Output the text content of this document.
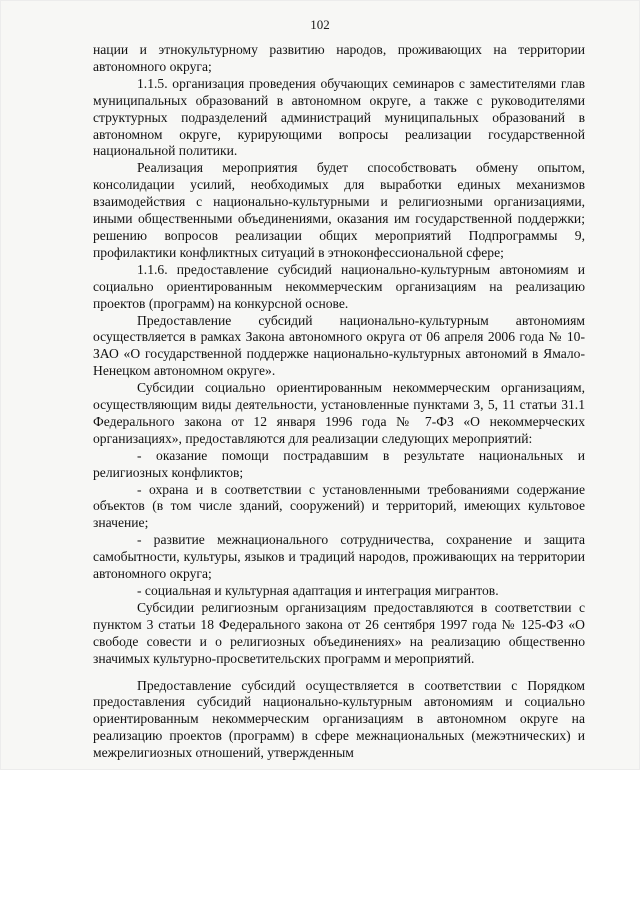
102

нации и этнокультурному развитию народов, проживающих на территории автономного округа;

1.1.5. организация проведения обучающих семинаров с заместителями глав муниципальных образований в автономном округе, а также с руководителями структурных подразделений администраций муниципальных образований в автономном округе, курирующими вопросы реализации государственной национальной политики.

Реализация мероприятия будет способствовать обмену опытом, консолидации усилий, необходимых для выработки единых механизмов взаимодействия с национально-культурными и религиозными организациями, иными общественными объединениями, оказания им государственной поддержки; решению вопросов реализации общих мероприятий Подпрограммы 9, профилактики конфликтных ситуаций в этноконфессиональной сфере;

1.1.6. предоставление субсидий национально-культурным автономиям и социально ориентированным некоммерческим организациям на реализацию проектов (программ) на конкурсной основе.

Предоставление субсидий национально-культурным автономиям осуществляется в рамках Закона автономного округа от 06 апреля 2006 года № 10-ЗАО «О государственной поддержке национально-культурных автономий в Ямало-Ненецком автономном округе».

Субсидии социально ориентированным некоммерческим организациям, осуществляющим виды деятельности, установленные пунктами 3, 5, 11 статьи 31.1 Федерального закона от 12 января 1996 года № 7-ФЗ «О некоммерческих организациях», предоставляются для реализации следующих мероприятий:

- оказание помощи пострадавшим в результате национальных и религиозных конфликтов;

- охрана и в соответствии с установленными требованиями содержание объектов (в том числе зданий, сооружений) и территорий, имеющих культовое значение;

- развитие межнационального сотрудничества, сохранение и защита самобытности, культуры, языков и традиций народов, проживающих на территории автономного округа;

- социальная и культурная адаптация и интеграция мигрантов.

Субсидии религиозным организациям предоставляются в соответствии с пунктом 3 статьи 18 Федерального закона от 26 сентября 1997 года № 125-ФЗ «О свободе совести и о религиозных объединениях» на реализацию общественно значимых культурно-просветительских программ и мероприятий.

Предоставление субсидий осуществляется в соответствии с Порядком предоставления субсидий национально-культурным автономиям и социально ориентированным некоммерческим организациям в автономном округе на реализацию проектов (программ) в сфере межнациональных (межэтнических) и межрелигиозных отношений, утвержденным
